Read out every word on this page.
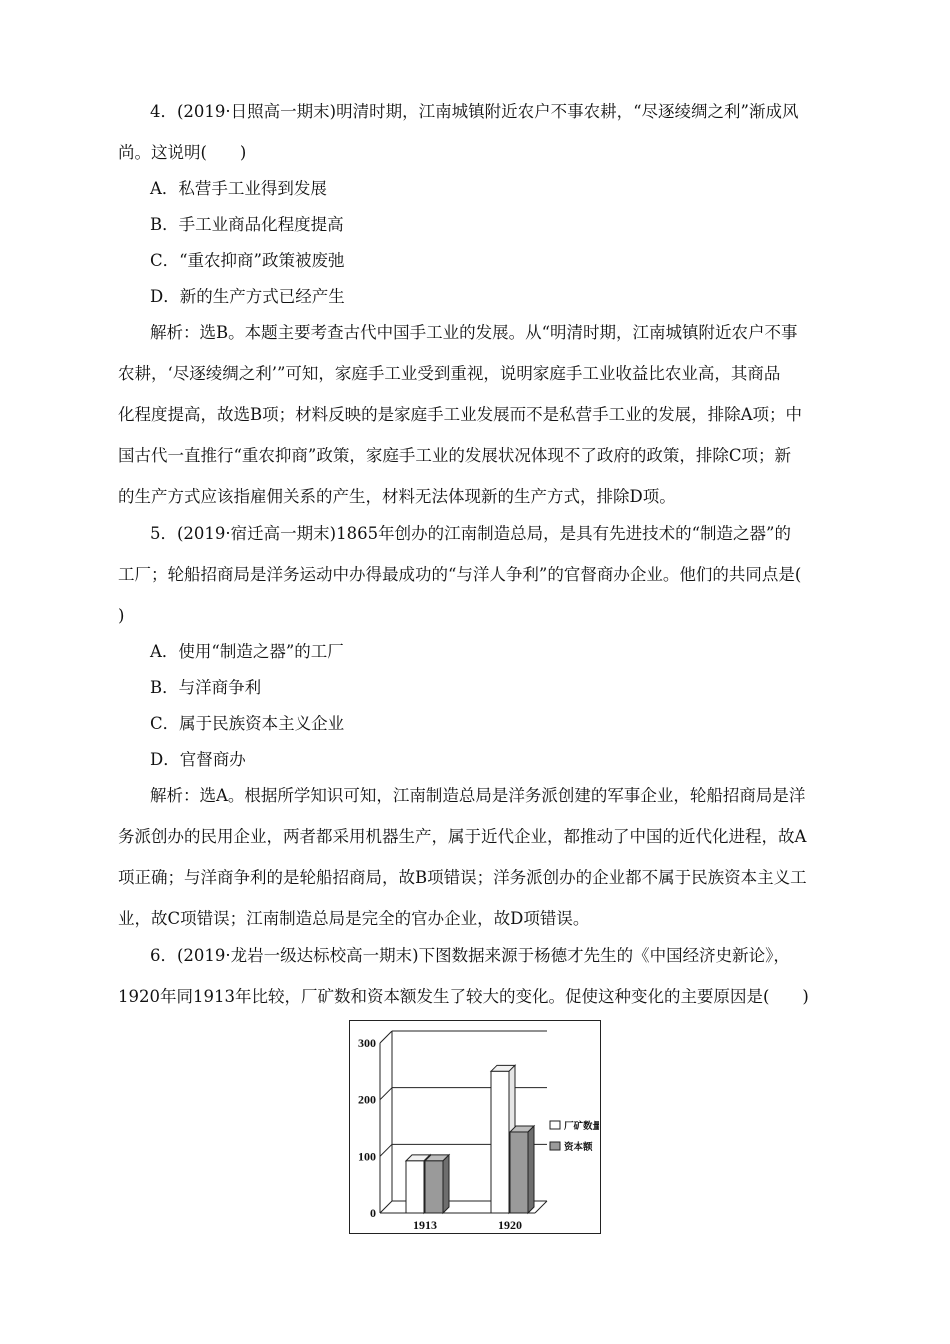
4．(2019·日照高一期末)明清时期，江南城镇附近农户不事农耕，“尽逐绫绸之利”渐成风
尚。这说明(　　)
A．私营手工业得到发展
B．手工业商品化程度提高
C．“重农抑商”政策被废弛
D．新的生产方式已经产生
解析：选B。本题主要考查古代中国手工业的发展。从“明清时期，江南城镇附近农户不事
农耕，‘尽逐绫绸之利’”可知，家庭手工业受到重视，说明家庭手工业收益比农业高，其商品
化程度提高，故选B项；材料反映的是家庭手工业发展而不是私营手工业的发展，排除A项；中
国古代一直推行“重农抑商”政策，家庭手工业的发展状况体现不了政府的政策，排除C项；新
的生产方式应该指雇佣关系的产生，材料无法体现新的生产方式，排除D项。
5．(2019·宿迁高一期末)1865年创办的江南制造总局，是具有先进技术的“制造之器”的
工厂；轮船招商局是洋务运动中办得最成功的“与洋人争利”的官督商办企业。他们的共同点是(
)
A．使用“制造之器”的工厂
B．与洋商争利
C．属于民族资本主义企业
D．官督商办
解析：选A。根据所学知识可知，江南制造总局是洋务派创建的军事企业，轮船招商局是洋
务派创办的民用企业，两者都采用机器生产，属于近代企业，都推动了中国的近代化进程，故A
项正确；与洋商争利的是轮船招商局，故B项错误；洋务派创办的企业都不属于民族资本主义工
业，故C项错误；江南制造总局是完全的官办企业，故D项错误。
6．(2019·龙岩一级达标校高一期末)下图数据来源于杨德才先生的《中国经济史新论》，
1920年同1913年比较，厂矿数和资本额发生了较大的变化。促使这种变化的主要原因是(　　)
0
100
200
300
1913	1920
厂矿数量
资本额
